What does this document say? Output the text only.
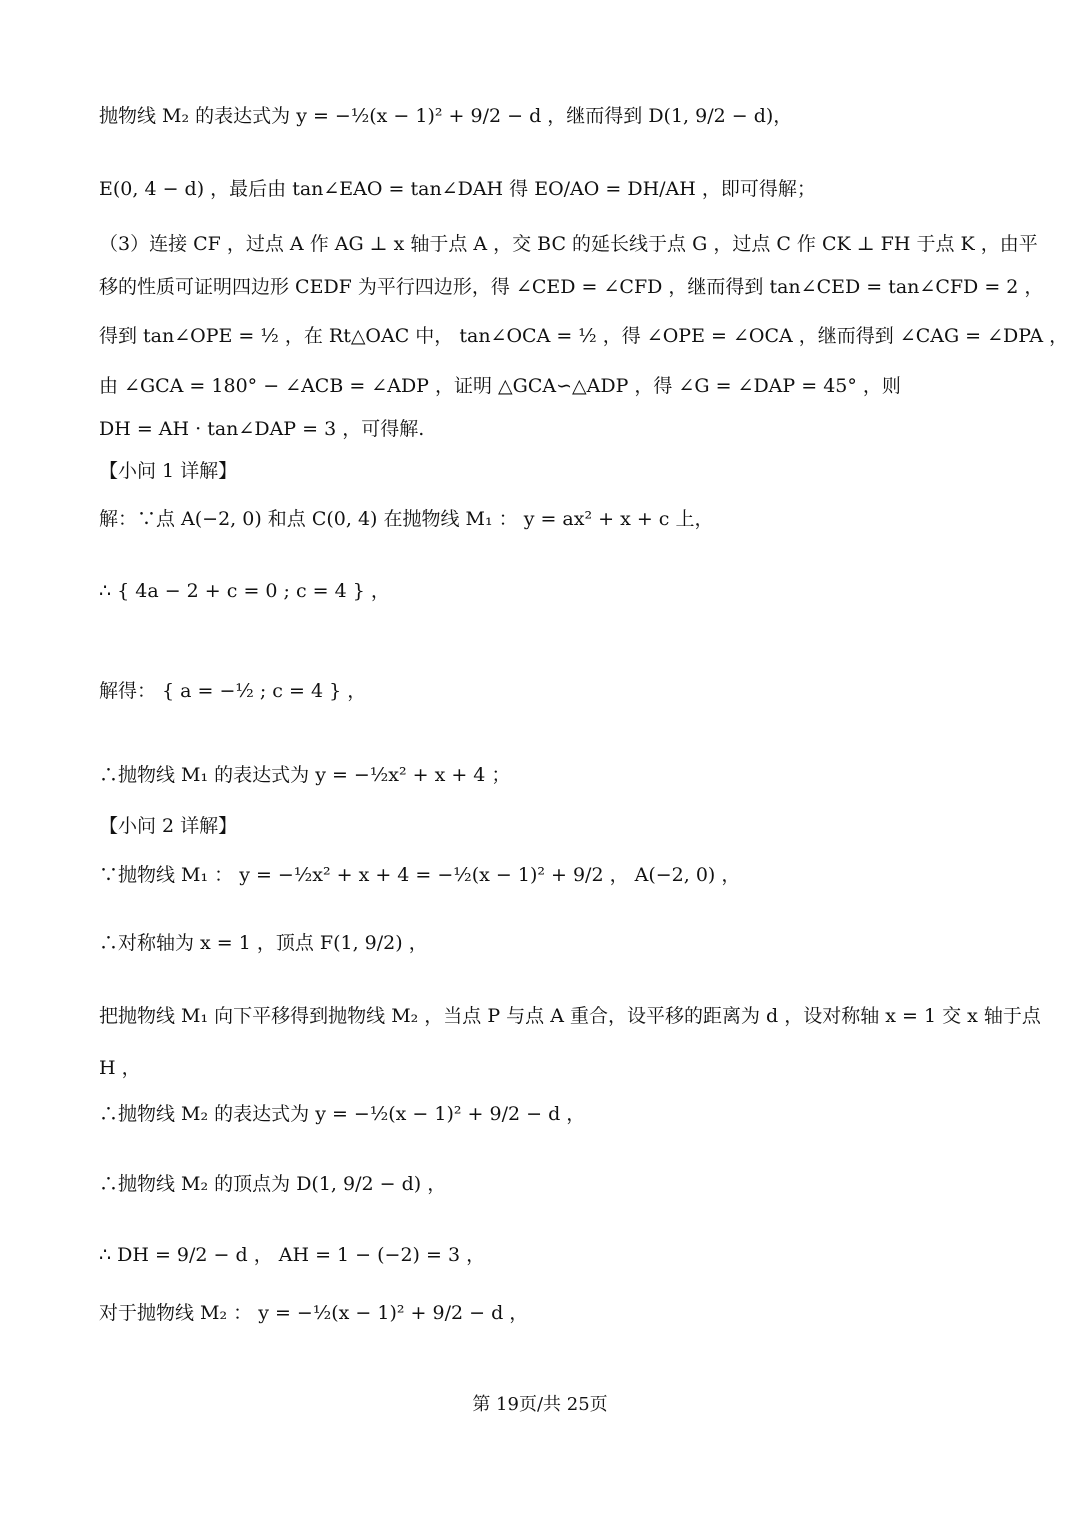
抛物线 M₂ 的表达式为 y = −½(x − 1)² + 9/2 − d ，继而得到 D(1, 9/2 − d)，
E(0, 4 − d) ，最后由 tan∠EAO = tan∠DAH 得 EO/AO = DH/AH ，即可得解；
（3）连接 CF ，过点 A 作 AG ⊥ x 轴于点 A ，交 BC 的延长线于点 G ，过点 C 作 CK ⊥ FH 于点 K ，由平
移的性质可证明四边形 CEDF 为平行四边形，得 ∠CED = ∠CFD ，继而得到 tan∠CED = tan∠CFD = 2 ，
得到 tan∠OPE = ½ ，在 Rt△OAC 中， tan∠OCA = ½ ，得 ∠OPE = ∠OCA ，继而得到 ∠CAG = ∠DPA ，
由 ∠GCA = 180° − ∠ACB = ∠ADP ，证明 △GCA∽△ADP ，得 ∠G = ∠DAP = 45° ，则
DH = AH · tan∠DAP = 3 ，可得解.
【小问 1 详解】
解：∵点 A(−2, 0) 和点 C(0, 4) 在抛物线 M₁ ： y = ax² + x + c 上，
∴ { 4a − 2 + c = 0 ; c = 4 } ，
解得： { a = −½ ; c = 4 } ，
∴抛物线 M₁ 的表达式为 y = −½x² + x + 4 ；
【小问 2 详解】
∵抛物线 M₁ ： y = −½x² + x + 4 = −½(x − 1)² + 9/2 ， A(−2, 0) ，
∴对称轴为 x = 1 ，顶点 F(1, 9/2) ，
把抛物线 M₁ 向下平移得到抛物线 M₂ ，当点 P 与点 A 重合，设平移的距离为 d ，设对称轴 x = 1 交 x 轴于点
H ，
∴抛物线 M₂ 的表达式为 y = −½(x − 1)² + 9/2 − d ，
∴抛物线 M₂ 的顶点为 D(1, 9/2 − d) ，
∴ DH = 9/2 − d ， AH = 1 − (−2) = 3 ，
对于抛物线 M₂ ： y = −½(x − 1)² + 9/2 − d ，
第 19页/共 25页
